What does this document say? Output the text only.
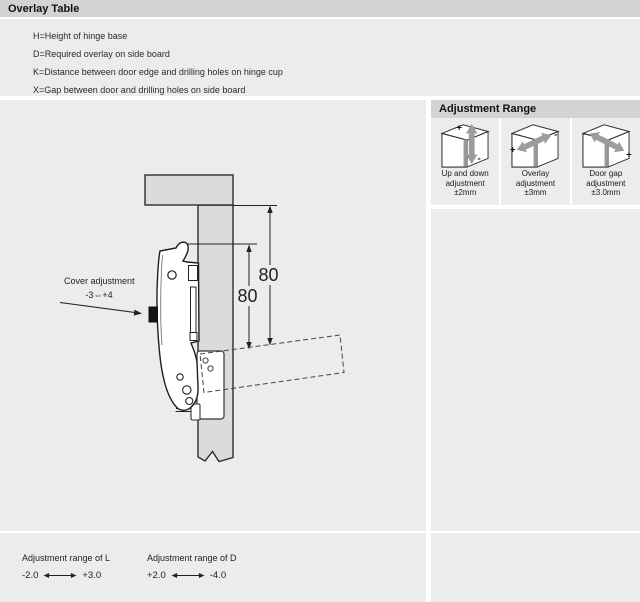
Overlay Table
H=Height of hinge base
D=Required overlay on side board
K=Distance between door edge and drilling holes on hinge cup
X=Gap between door and drilling holes on side board
80
80
Cover adjustment
-3⇔+4
Adjustment Range
+
-
Up and down
adjustment
±2mm
+
-
Overlay
adjustment
±3mm
-
+
Door gap
adjustment
±3.0mm
Adjustment range of L
-2.0	+3.0
Adjustment range of D
+2.0	-4.0
